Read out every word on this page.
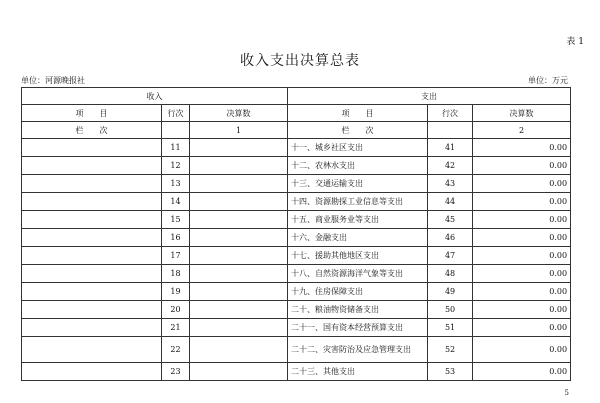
表 1
收入支出决算总表
单位：河源晚报社	单位：万元
收入			支出		
项　　目	行次	决算数	项　　目	行次	决算数
栏　　次		1	栏　　次		2
	11		十一、城乡社区支出	41	0.00
	12		十二、农林水支出	42	0.00
	13		十三、交通运输支出	43	0.00
	14		十四、资源勘探工业信息等支出	44	0.00
	15		十五、商业服务业等支出	45	0.00
	16		十六、金融支出	46	0.00
	17		十七、援助其他地区支出	47	0.00
	18		十八、自然资源海洋气象等支出	48	0.00
	19		十九、住房保障支出	49	0.00
	20		二十、粮油物资储备支出	50	0.00
	21		二十一、国有资本经营预算支出	51	0.00
	22		二十二、灾害防治及应急管理支出	52	0.00
	23		二十三、其他支出	53	0.00
5
